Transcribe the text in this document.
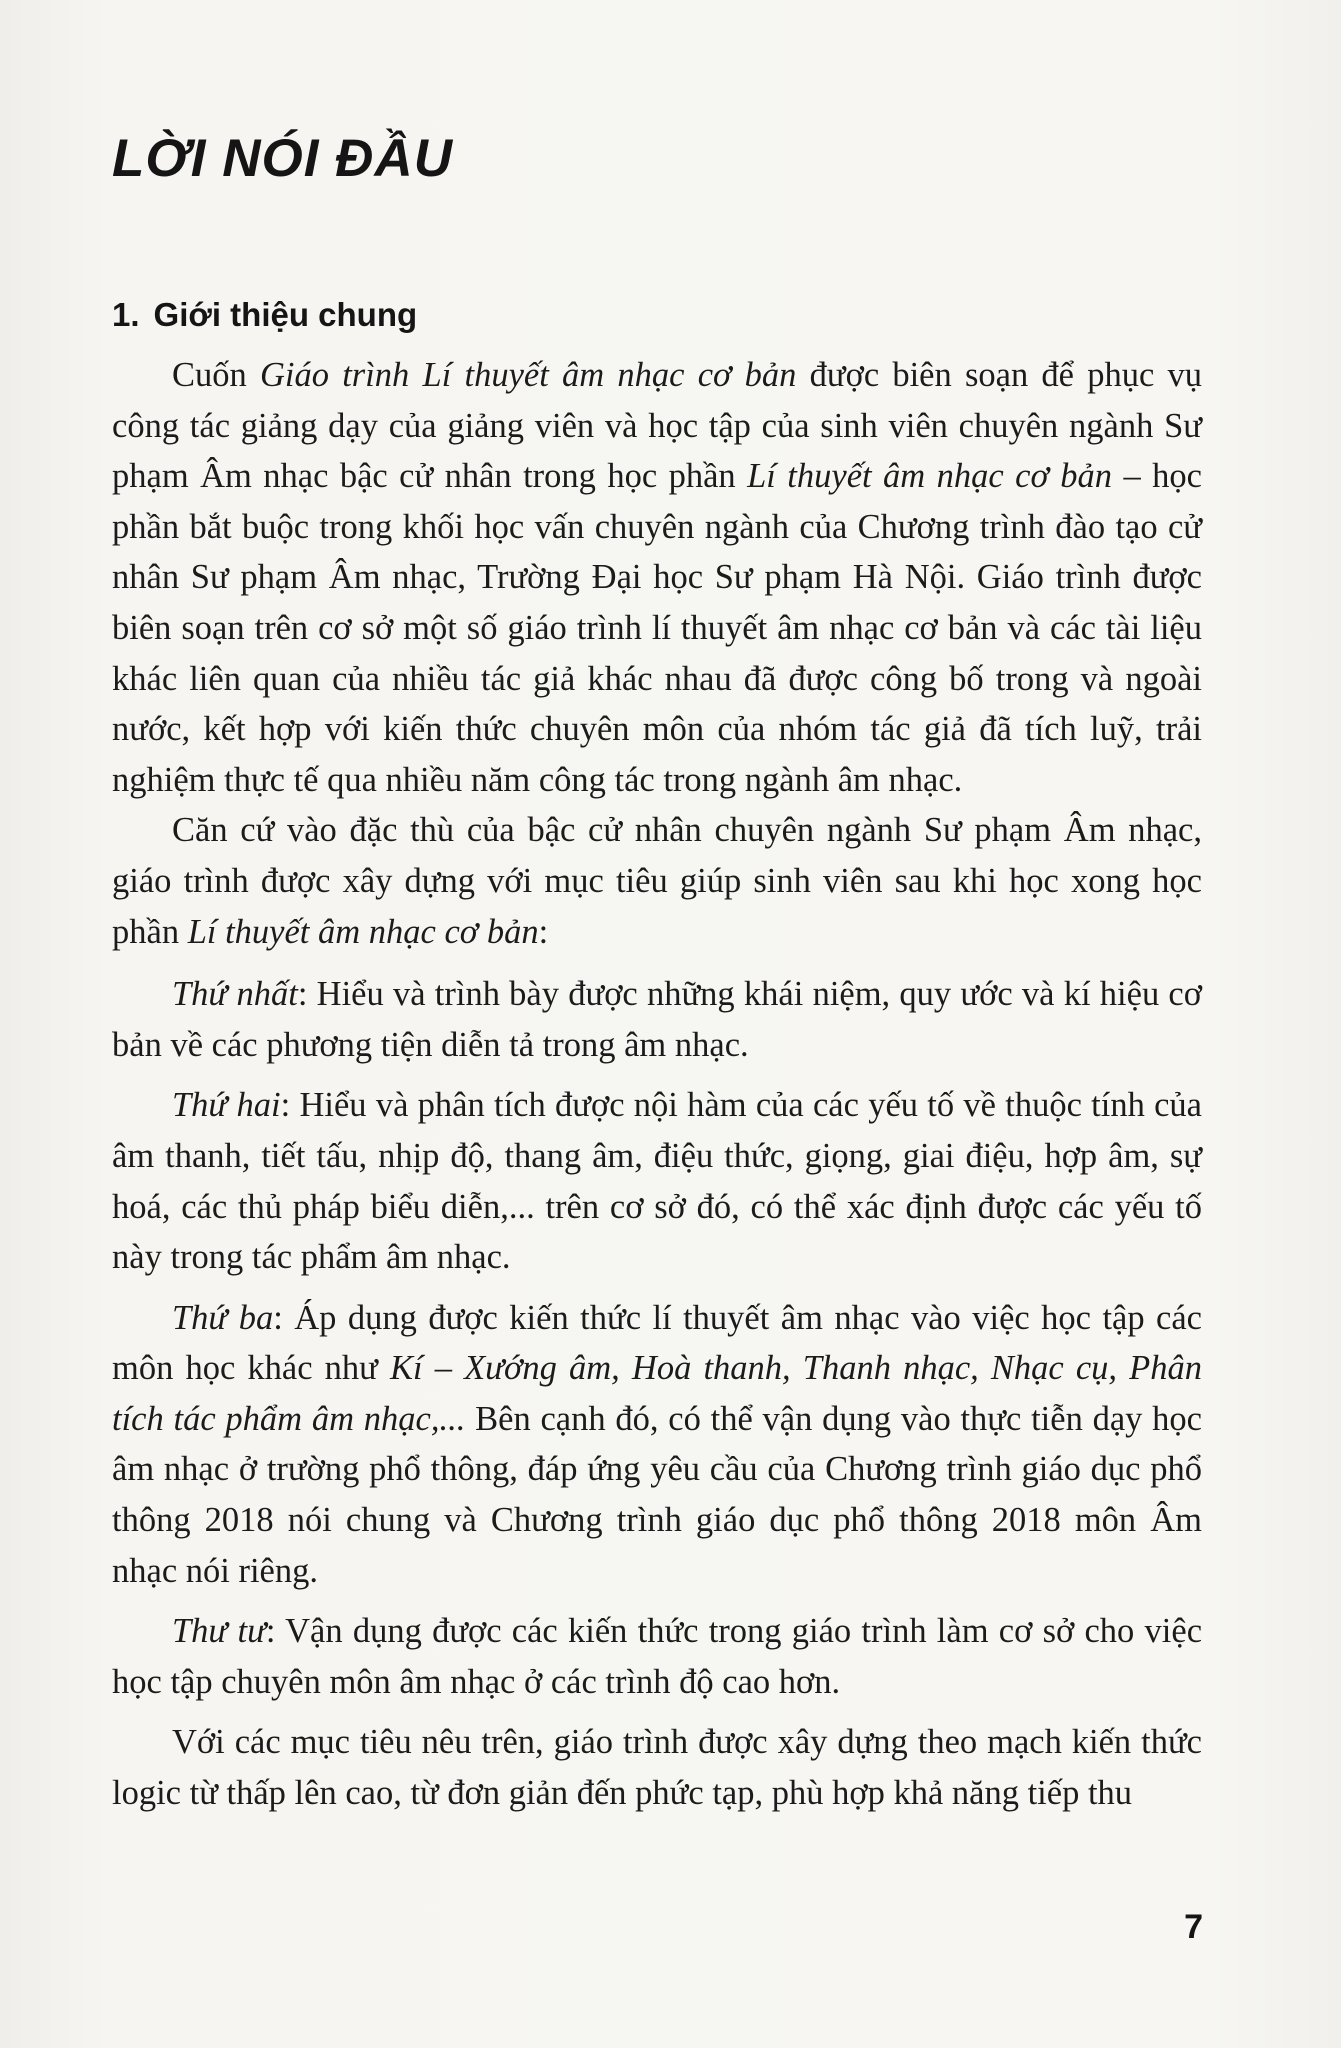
LỜI NÓI ĐẦU
1. Giới thiệu chung

Cuốn Giáo trình Lí thuyết âm nhạc cơ bản được biên soạn để phục vụ công tác giảng dạy của giảng viên và học tập của sinh viên chuyên ngành Sư phạm Âm nhạc bậc cử nhân trong học phần Lí thuyết âm nhạc cơ bản – học phần bắt buộc trong khối học vấn chuyên ngành của Chương trình đào tạo cử nhân Sư phạm Âm nhạc, Trường Đại học Sư phạm Hà Nội. Giáo trình được biên soạn trên cơ sở một số giáo trình lí thuyết âm nhạc cơ bản và các tài liệu khác liên quan của nhiều tác giả khác nhau đã được công bố trong và ngoài nước, kết hợp với kiến thức chuyên môn của nhóm tác giả đã tích luỹ, trải nghiệm thực tế qua nhiều năm công tác trong ngành âm nhạc.

Căn cứ vào đặc thù của bậc cử nhân chuyên ngành Sư phạm Âm nhạc, giáo trình được xây dựng với mục tiêu giúp sinh viên sau khi học xong học phần Lí thuyết âm nhạc cơ bản:

Thứ nhất: Hiểu và trình bày được những khái niệm, quy ước và kí hiệu cơ bản về các phương tiện diễn tả trong âm nhạc.

Thứ hai: Hiểu và phân tích được nội hàm của các yếu tố về thuộc tính của âm thanh, tiết tấu, nhịp độ, thang âm, điệu thức, giọng, giai điệu, hợp âm, sự hoá, các thủ pháp biểu diễn,... trên cơ sở đó, có thể xác định được các yếu tố này trong tác phẩm âm nhạc.

Thứ ba: Áp dụng được kiến thức lí thuyết âm nhạc vào việc học tập các môn học khác như Kí – Xướng âm, Hoà thanh, Thanh nhạc, Nhạc cụ, Phân tích tác phẩm âm nhạc,... Bên cạnh đó, có thể vận dụng vào thực tiễn dạy học âm nhạc ở trường phổ thông, đáp ứng yêu cầu của Chương trình giáo dục phổ thông 2018 nói chung và Chương trình giáo dục phổ thông 2018 môn Âm nhạc nói riêng.

Thư tư: Vận dụng được các kiến thức trong giáo trình làm cơ sở cho việc học tập chuyên môn âm nhạc ở các trình độ cao hơn.

Với các mục tiêu nêu trên, giáo trình được xây dựng theo mạch kiến thức logic từ thấp lên cao, từ đơn giản đến phức tạp, phù hợp khả năng tiếp thu

7
